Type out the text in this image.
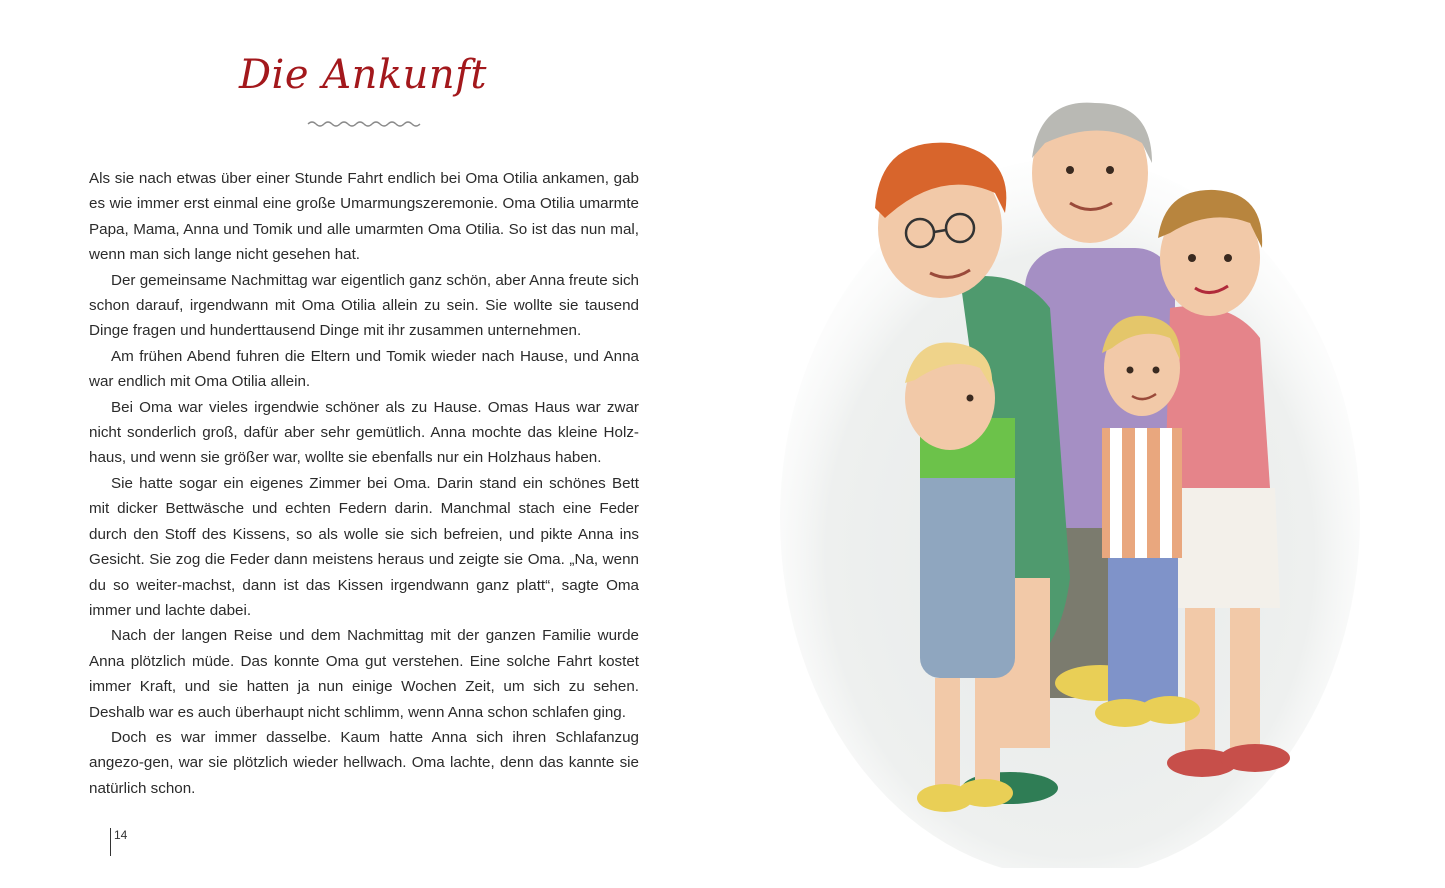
Die Ankunft

Als sie nach etwas über einer Stunde Fahrt endlich bei Oma Otilia ankamen, gab es wie immer erst einmal eine große Umarmungszeremonie. Oma Otilia umarmte Papa, Mama, Anna und Tomik und alle umarmten Oma Otilia. So ist das nun mal, wenn man sich lange nicht gesehen hat.

Der gemeinsame Nachmittag war eigentlich ganz schön, aber Anna freute sich schon darauf, irgendwann mit Oma Otilia allein zu sein. Sie wollte sie tausend Dinge fragen und hunderttausend Dinge mit ihr zusammen unternehmen.

Am frühen Abend fuhren die Eltern und Tomik wieder nach Hause, und Anna war endlich mit Oma Otilia allein.

Bei Oma war vieles irgendwie schöner als zu Hause. Omas Haus war zwar nicht sonderlich groß, dafür aber sehr gemütlich. Anna mochte das kleine Holz-haus, und wenn sie größer war, wollte sie ebenfalls nur ein Holzhaus haben.

Sie hatte sogar ein eigenes Zimmer bei Oma. Darin stand ein schönes Bett mit dicker Bettwäsche und echten Federn darin. Manchmal stach eine Feder durch den Stoff des Kissens, so als wolle sie sich befreien, und pikte Anna ins Gesicht. Sie zog die Feder dann meistens heraus und zeigte sie Oma. „Na, wenn du so weiter-machst, dann ist das Kissen irgendwann ganz platt“, sagte Oma immer und lachte dabei.

Nach der langen Reise und dem Nachmittag mit der ganzen Familie wurde Anna plötzlich müde. Das konnte Oma gut verstehen. Eine solche Fahrt kostet immer Kraft, und sie hatten ja nun einige Wochen Zeit, um sich zu sehen. Deshalb war es auch überhaupt nicht schlimm, wenn Anna schon schlafen ging.

Doch es war immer dasselbe. Kaum hatte Anna sich ihren Schlafanzug angezo-gen, war sie plötzlich wieder hellwach. Oma lachte, denn das kannte sie natürlich schon.

14
